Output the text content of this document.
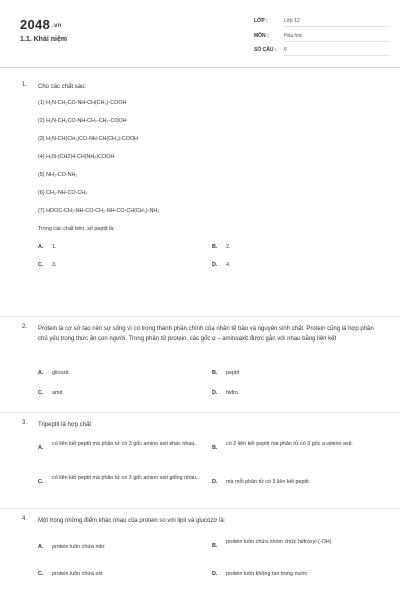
2048 .vn
1.1. Khái niệm
LỚP :	Lớp 12
MÔN :	Hóa học
SỐ CÂU : 6
1. Cho các chất sau:
(1) H₂N-CH₂CO-NH-CH(CH₃)-COOH
(2) H₂N-CH₂CO-NH-CH₂-CH₂-COOH
(3) H₂N-CH(CH₃)CO-NH-CH(CH₃)-COOH
(4) H₂N-(CH2)4-CH(NH₂)COOH
(5) NH₂-CO-NH₂
(6) CH₃-NH-CO-CH₃
(7) HOOC-CH₂-NH-CO-CH₂-NH-CO-CH(CH₃)-NH₂
Trong các chất trên, số peptit là:
A. 1.	B. 2.
C. 3.	D. 4.
2. Protein là cơ sở tạo nên sự sống vì có trong thành phần chính của nhân tế bào và nguyên sinh chất. Protein cũng là hợp phần chủ yếu trong thức ăn con người. Trong phân tử protein, các gốc α – aminoaxit được gắn với nhau bằng liên kết
A. glicozit.	B. peptit
C. amit.	D. hiđro.
3. Tripeptit là hợp chất
A.
có liên kết peptit mà phân tử có 3 gốc amino axit khác nhau.
B.
có 2 liên kết peptit mà phân tử có 3 gốc α-amino axit.
C.
có liên kết peptit mà phân tử có 3 gốc amino axit giống nhau.
D. mà mỗi phân tử có 3 liên kết peptit.
4. Một trong những điểm khác nhau của protein so với lipit và glucozơ là:
A. protein luôn chứa nitơ	B.
protein luôn chứa nhóm chức hiđroxyl (-OH)
C. protein luôn chứa oxi	D. protein luôn không tan trong nước
